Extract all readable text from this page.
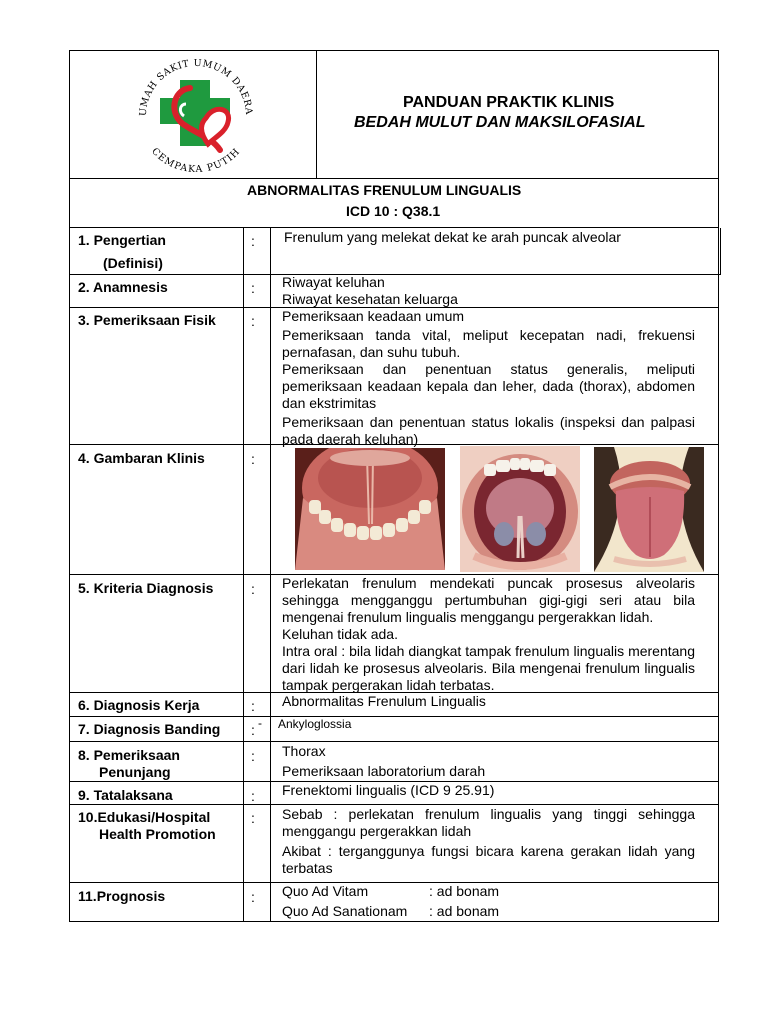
UMAH SAKIT UMUM DAERA
CEMPAKA PUTIH
PANDUAN PRAKTIK KLINIS
BEDAH MULUT DAN MAKSILOFASIAL
ABNORMALITAS FRENULUM LINGUALIS
ICD 10 : Q38.1
1. Pengertian
(Definisi)
: Frenulum yang melekat dekat ke arah puncak alveolar
2. Anamnesis	: Riwayat keluhan
Riwayat kesehatan keluarga
3. Pemeriksaan Fisik	: Pemeriksaan keadaan umum
Pemeriksaan tanda vital, meliput kecepatan nadi, frekuensi pernafasan, dan suhu tubuh.
Pemeriksaan dan penentuan status generalis, meliputi pemeriksaan keadaan kepala dan leher, dada (thorax), abdomen dan ekstrimitas
Pemeriksaan dan penentuan status lokalis (inspeksi dan palpasi pada daerah keluhan)
4. Gambaran Klinis	:
5. Kriteria Diagnosis	: Perlekatan frenulum mendekati puncak prosesus alveolaris sehingga mengganggu pertumbuhan gigi-gigi seri atau bila mengenai frenulum lingualis menggangu pergerakkan lidah.
Keluhan tidak ada.
Intra oral : bila lidah diangkat tampak frenulum lingualis merentang dari lidah ke prosesus alveolaris. Bila mengenai frenulum lingualis tampak pergerakan lidah terbatas.
6. Diagnosis Kerja	: Abnormalitas Frenulum Lingualis
7. Diagnosis Banding : - Ankyloglossia
8. Pemeriksaan
Penunjang
: Thorax
Pemeriksaan laboratorium darah
9. Tatalaksana	: Frenektomi lingualis (ICD 9 25.91)
10.Edukasi/Hospital
Health Promotion
: Sebab : perlekatan frenulum lingualis yang tinggi sehingga menggangu pergerakkan lidah
Akibat : terganggunya fungsi bicara karena gerakan lidah yang terbatas
11.Prognosis	: Quo Ad Vitam	: ad bonam
Quo Ad Sanationam : ad bonam
